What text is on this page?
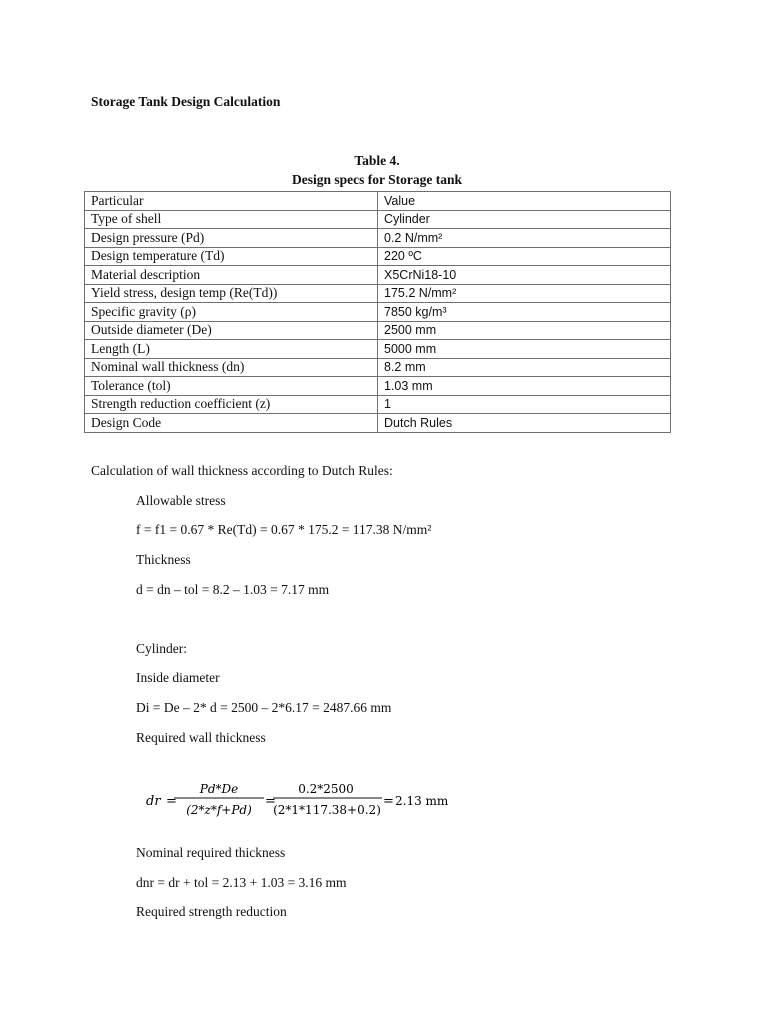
Storage Tank Design Calculation
Table 4.
Design specs for Storage tank
Particular	Value
Type of shell	Cylinder
Design pressure (Pd)	0.2 N/mm²
Design temperature (Td)	220 ºC
Material description	X5CrNi18-10
Yield stress, design temp (Re(Td))	175.2 N/mm²
Specific gravity (ρ)	7850 kg/m³
Outside diameter (De)	2500 mm
Length (L)	5000 mm
Nominal wall thickness (dn)	8.2 mm
Tolerance (tol)	1.03 mm
Strength reduction coefficient (z)	1
Design Code	Dutch Rules
Calculation of wall thickness according to Dutch Rules:
Allowable stress
f = f1 = 0.67 * Re(Td) = 0.67 * 175.2 = 117.38 N/mm²
Thickness
d = dn – tol = 8.2 – 1.03 = 7.17 mm
Cylinder:
Inside diameter
Di = De – 2* d = 2500 – 2*6.17 = 2487.66 mm
Required wall thickness
dr =
Pd*De
(2*z*f+Pd)
=
0.2*2500
(2*1*117.38+0.2)
= 2.13 mm
Nominal required thickness
dnr = dr + tol = 2.13 + 1.03 = 3.16 mm
Required strength reduction
